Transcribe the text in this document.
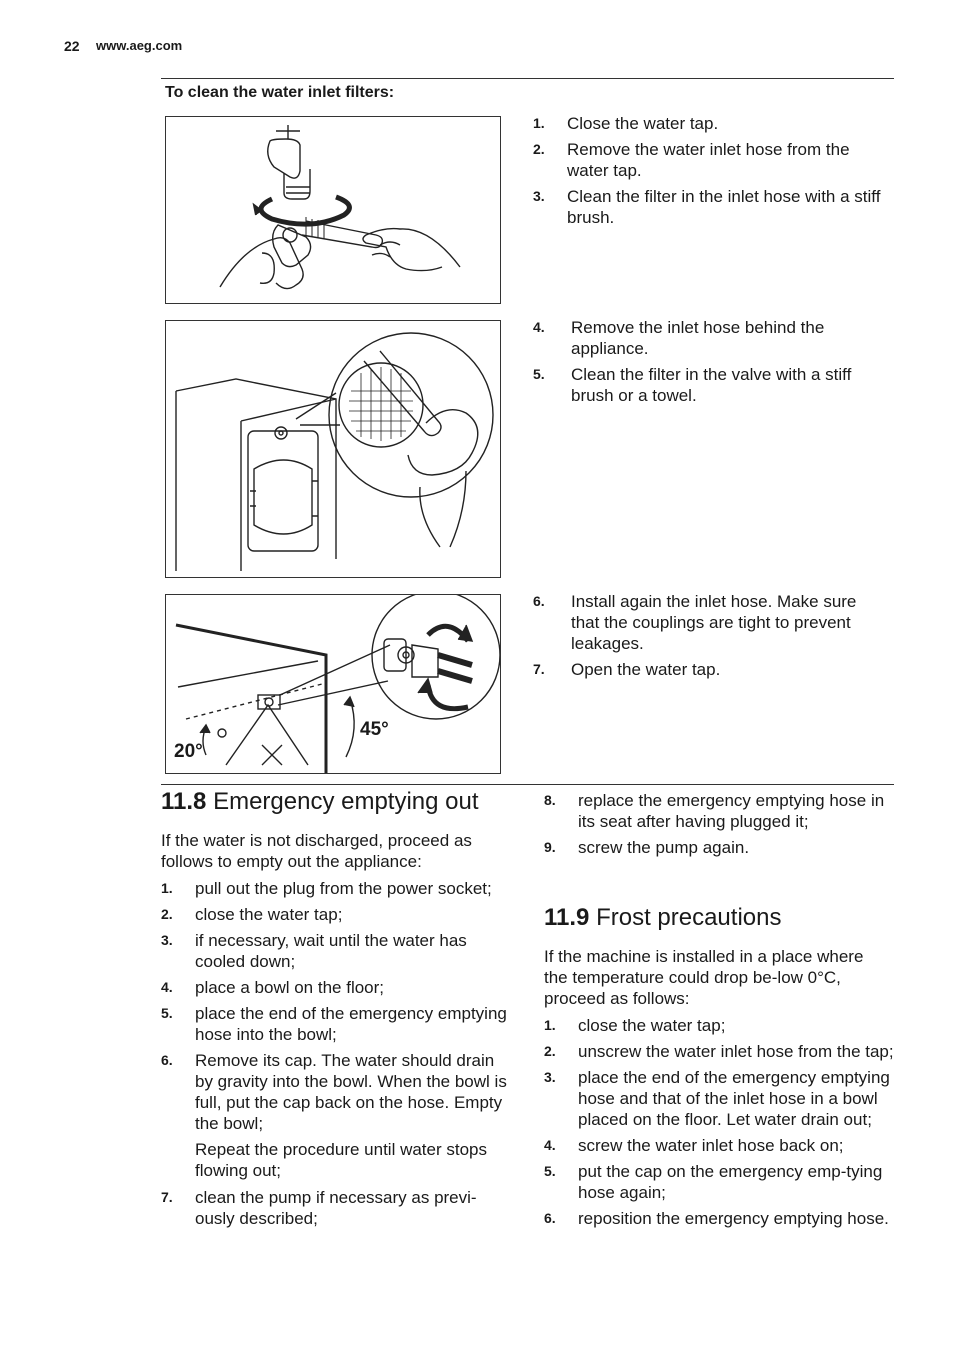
22 www.aeg.com
To clean the water inlet filters:
1.	Close the water tap.
2.	Remove the water inlet hose from the water tap.
3.	Clean the filter in the inlet hose with a stiff brush.
4.	Remove the inlet hose behind the appliance.
5.	Clean the filter in the valve with a stiff brush or a towel.
20°
45°
6.	Install again the inlet hose. Make sure that the couplings are tight to prevent leakages.
7.	Open the water tap.
11.8 Emergency emptying out
If the water is not discharged, proceed as follows to empty out the appliance:
1.	pull out the plug from the power socket;
2.	close the water tap;
3.	if necessary, wait until the water has cooled down;
4.	place a bowl on the floor;
5.	place the end of the emergency emptying hose into the bowl;
6.	Remove its cap. The water should drain by gravity into the bowl. When the bowl is full, put the cap back on the hose. Empty the bowl;
Repeat the procedure until water stops flowing out;
7.	clean the pump if necessary as previ-ously described;
8.	replace the emergency emptying hose in its seat after having plugged it;
9.	screw the pump again.
11.9 Frost precautions
If the machine is installed in a place where the temperature could drop be-low 0°C, proceed as follows:
1.	close the water tap;
2.	unscrew the water inlet hose from the tap;
3.	place the end of the emergency emptying hose and that of the inlet hose in a bowl placed on the floor. Let water drain out;
4.	screw the water inlet hose back on;
5.	put the cap on the emergency emp-tying hose again;
6.	reposition the emergency emptying hose.
